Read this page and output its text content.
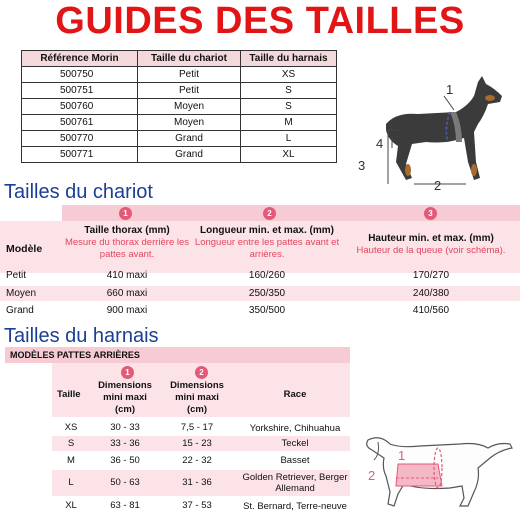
GUIDES DES TAILLES
Référence Morin	Taille du chariot	Taille du harnais
500750	Petit	XS
500751	Petit	S
500760	Moyen	S
500761	Moyen	M
500770	Grand	L
500771	Grand	XL
1
2
3
4
Tailles du chariot
1	2	3
Modèle
Taille thorax (mm)
Mesure du thorax derrière les pattes avant.
Longueur min. et max. (mm)
Longueur entre les pattes avant et arrières.
Hauteur min. et max. (mm)
Hauteur de la queue (voir schéma).
Petit	410 maxi	160/260	170/270
Moyen	660 maxi	250/350	240/380
Grand	900 maxi	350/500	410/560
Tailles du harnais
MODÈLES PATTES ARRIÈRES
1	2
Taille
Dimensions mini maxi (cm)
Dimensions mini maxi (cm)
Race
XS	30 - 33	7,5 - 17	Yorkshire, Chihuahua
S	33 - 36	15 - 23	Teckel
M	36 - 50	22 - 32	Basset
L	50 - 63	31 - 36	Golden Retriever, Berger Allemand
XL	63 - 81	37 - 53	St. Bernard, Terre-neuve
1
2
